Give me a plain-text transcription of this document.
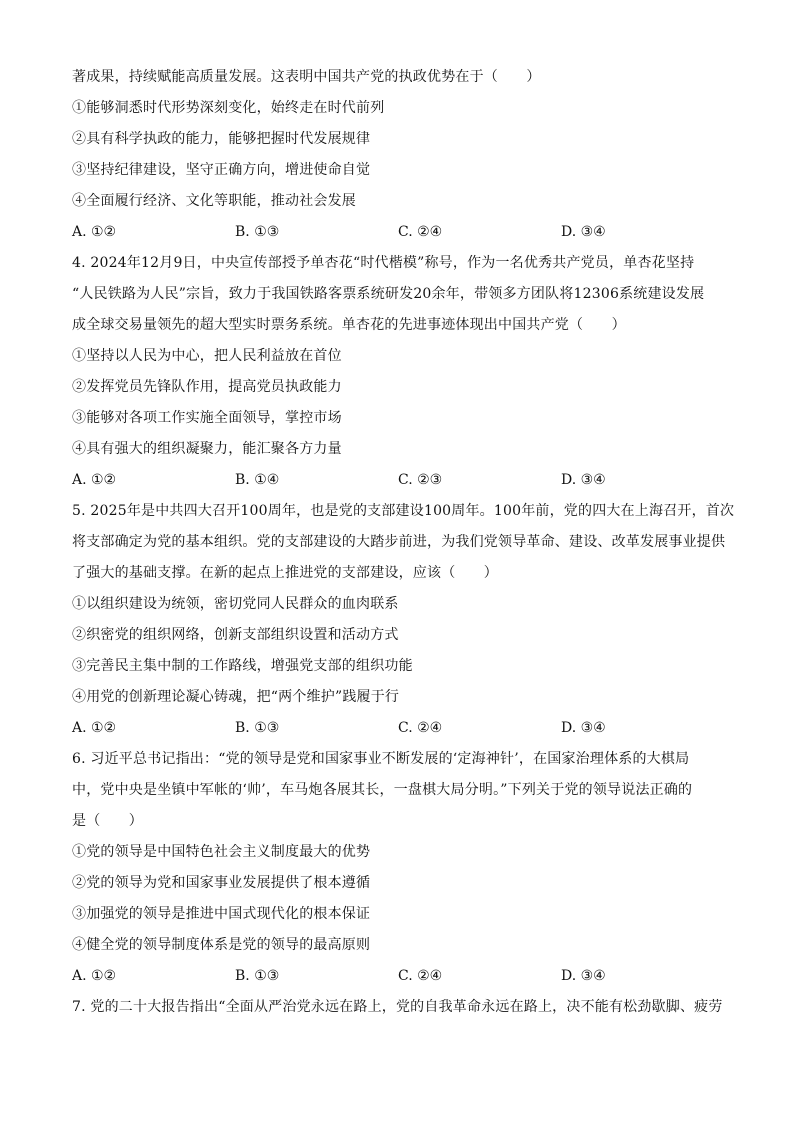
著成果，持续赋能高质量发展。这表明中国共产党的执政优势在于（　　）
①能够洞悉时代形势深刻变化，始终走在时代前列
②具有科学执政的能力，能够把握时代发展规律
③坚持纪律建设，坚守正确方向，增进使命自觉
④全面履行经济、文化等职能，推动社会发展
A. ①②	B. ①③	C. ②④	D. ③④
4. 2024年12月9日，中央宣传部授予单杏花“时代楷模”称号，作为一名优秀共产党员，单杏花坚持
“人民铁路为人民”宗旨，致力于我国铁路客票系统研发20余年，带领多方团队将12306系统建设发展
成全球交易量领先的超大型实时票务系统。单杏花的先进事迹体现出中国共产党（　　）
①坚持以人民为中心，把人民利益放在首位
②发挥党员先锋队作用，提高党员执政能力
③能够对各项工作实施全面领导，掌控市场
④具有强大的组织凝聚力，能汇聚各方力量
A. ①②	B. ①④	C. ②③	D. ③④
5. 2025年是中共四大召开100周年，也是党的支部建设100周年。100年前，党的四大在上海召开，首次
将支部确定为党的基本组织。党的支部建设的大踏步前进，为我们党领导革命、建设、改革发展事业提供
了强大的基础支撑。在新的起点上推进党的支部建设，应该（　　）
①以组织建设为统领，密切党同人民群众的血肉联系
②织密党的组织网络，创新支部组织设置和活动方式
③完善民主集中制的工作路线，增强党支部的组织功能
④用党的创新理论凝心铸魂，把“两个维护”践履于行
A. ①②	B. ①③	C. ②④	D. ③④
6. 习近平总书记指出：“党的领导是党和国家事业不断发展的‘定海神针’，在国家治理体系的大棋局
中，党中央是坐镇中军帐的‘帅’，车马炮各展其长，一盘棋大局分明。”下列关于党的领导说法正确的
是（　　）
①党的领导是中国特色社会主义制度最大的优势
②党的领导为党和国家事业发展提供了根本遵循
③加强党的领导是推进中国式现代化的根本保证
④健全党的领导制度体系是党的领导的最高原则
A. ①②	B. ①③	C. ②④	D. ③④
7. 党的二十大报告指出“全面从严治党永远在路上，党的自我革命永远在路上，决不能有松劲歇脚、疲劳
